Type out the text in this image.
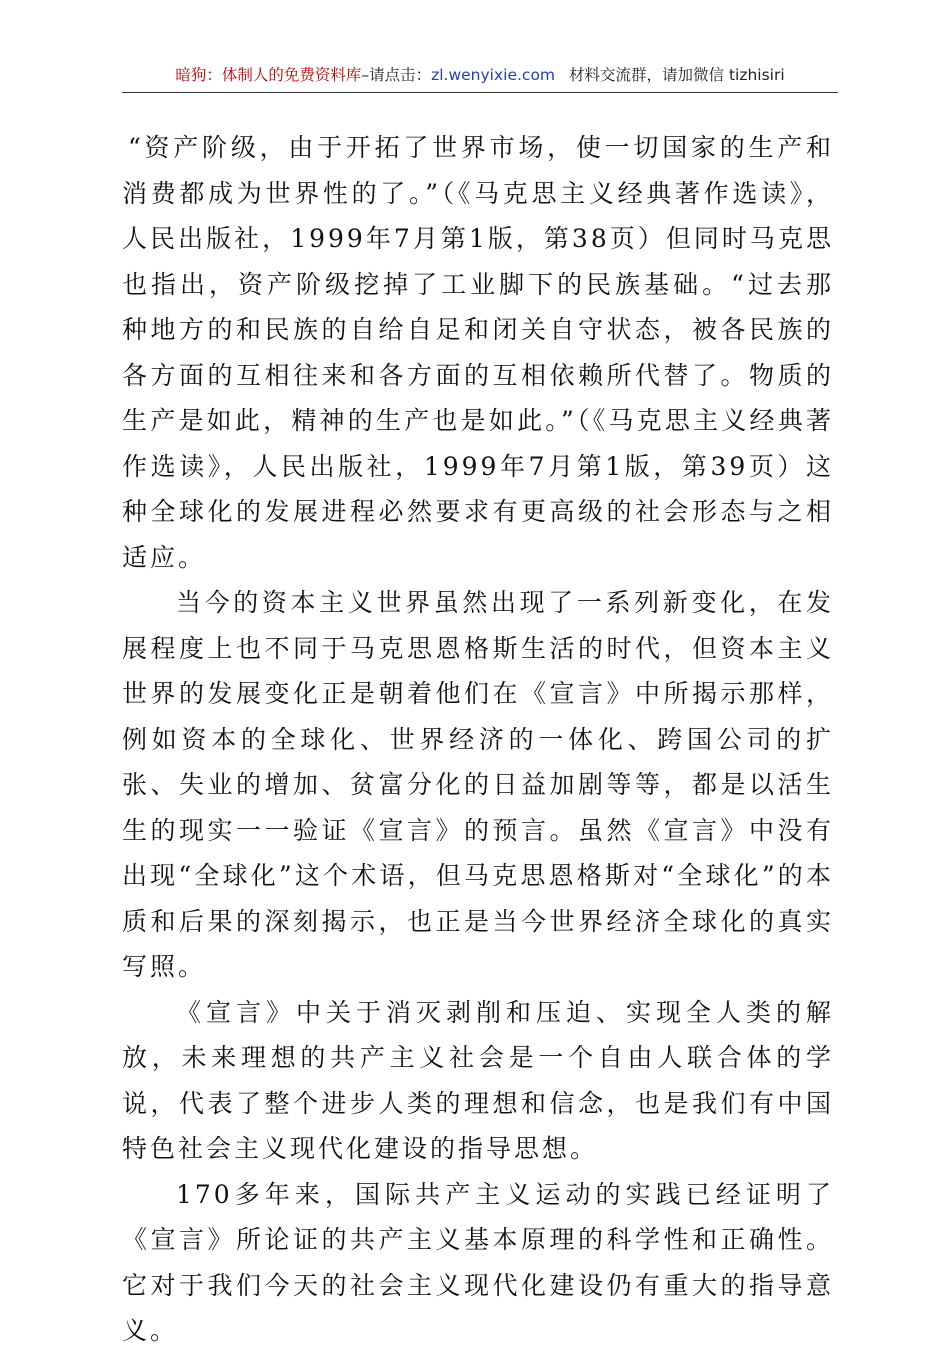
暗狗：体制人的免费资料库–请点击：zl.wenyixie.com 材料交流群，请加微信 tizhisiri

“资产阶级，由于开拓了世界市场，使一切国家的生产和消费都成为世界性的了。”（《马克思主义经典著作选读》，人民出版社，1999年7月第1版，第38页）但同时马克思也指出，资产阶级挖掉了工业脚下的民族基础。“过去那种地方的和民族的自给自足和闭关自守状态，被各民族的各方面的互相往来和各方面的互相依赖所代替了。物质的生产是如此，精神的生产也是如此。”（《马克思主义经典著作选读》，人民出版社，1999年7月第1版，第39页）这种全球化的发展进程必然要求有更高级的社会形态与之相适应。

当今的资本主义世界虽然出现了一系列新变化，在发展程度上也不同于马克思恩格斯生活的时代，但资本主义世界的发展变化正是朝着他们在《宣言》中所揭示那样，例如资本的全球化、世界经济的一体化、跨国公司的扩张、失业的增加、贫富分化的日益加剧等等，都是以活生生的现实一一验证《宣言》的预言。虽然《宣言》中没有出现“全球化”这个术语，但马克思恩格斯对“全球化”的本质和后果的深刻揭示，也正是当今世界经济全球化的真实写照。

《宣言》中关于消灭剥削和压迫、实现全人类的解放，未来理想的共产主义社会是一个自由人联合体的学说，代表了整个进步人类的理想和信念，也是我们有中国特色社会主义现代化建设的指导思想。

170多年来，国际共产主义运动的实践已经证明了《宣言》所论证的共产主义基本原理的科学性和正确性。它对于我们今天的社会主义现代化建设仍有重大的指导意义。
